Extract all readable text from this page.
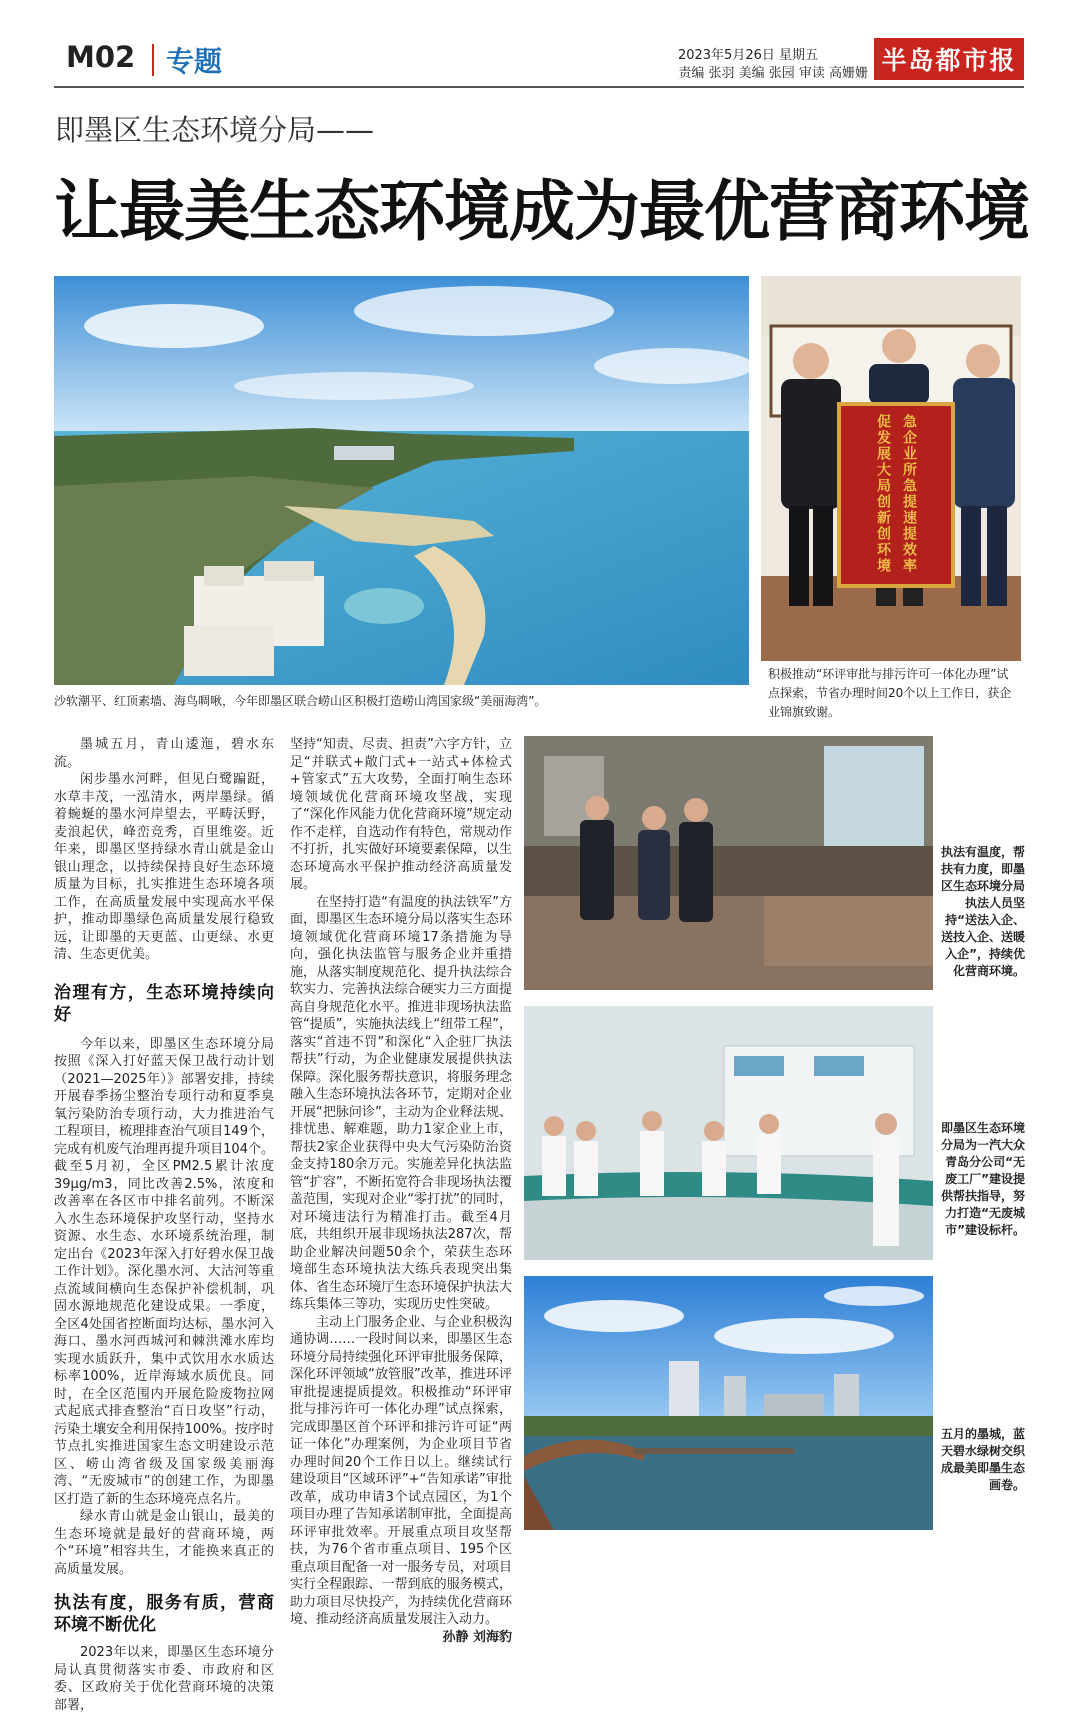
M02 专题	2023年5月26日 星期五
责编 张羽 美编 张园 审读 高姗姗 半岛都市报
即墨区生态环境分局——
让最美生态环境成为最优营商环境
沙软潮平、红顶素墙、海鸟啁啾，今年即墨区联合崂山区积极打造崂山湾国家级“美丽海湾”。
急企业所急提速提效率
促发展大局创新创环境
积极推动“环评审批与排污许可一体化办理”试点探索，节省办理时间20个以上工作日，获企业锦旗致谢。

墨城五月，青山逶迤，碧水东流。

闲步墨水河畔，但见白鹭蹁跹，水草丰茂，一泓清水，两岸墨绿。循着蜿蜒的墨水河岸望去，平畴沃野，麦浪起伏，峰峦竞秀，百里维姿。近年来，即墨区坚持绿水青山就是金山银山理念，以持续保持良好生态环境质量为目标，扎实推进生态环境各项工作，在高质量发展中实现高水平保护，推动即墨绿色高质量发展行稳致远，让即墨的天更蓝、山更绿、水更清、生态更优美。

治理有方，生态环境持续向好

今年以来，即墨区生态环境分局按照《深入打好蓝天保卫战行动计划（2021—2025年）》部署安排，持续开展春季扬尘整治专项行动和夏季臭氧污染防治专项行动，大力推进治气工程项目，梳理排查治气项目149个，完成有机废气治理再提升项目104个。截至5月初，全区PM2.5累计浓度39μg/m3，同比改善2.5%，浓度和改善率在各区市中排名前列。不断深入水生态环境保护攻坚行动，坚持水资源、水生态、水环境系统治理，制定出台《2023年深入打好碧水保卫战工作计划》。深化墨水河、大沽河等重点流域间横向生态保护补偿机制，巩固水源地规范化建设成果。一季度，全区4处国省控断面均达标，墨水河入海口、墨水河西城河和棘洪滩水库均实现水质跃升，集中式饮用水水质达标率100%，近岸海域水质优良。同时，在全区范围内开展危险废物拉网式起底式排查整治“百日攻坚”行动，污染土壤安全利用保持100%。按序时节点扎实推进国家生态文明建设示范区、崂山湾省级及国家级美丽海湾、“无废城市”的创建工作，为即墨区打造了新的生态环境亮点名片。

绿水青山就是金山银山，最美的生态环境就是最好的营商环境，两个“环境”相容共生，才能换来真正的高质量发展。

执法有度，服务有质，营商环境不断优化

2023年以来，即墨区生态环境分局认真贯彻落实市委、市政府和区委、区政府关于优化营商环境的决策部署，

坚持“知责、尽责、担责”六字方针，立足“并联式+敞门式+一站式+体检式+管家式”五大攻势，全面打响生态环境领域优化营商环境攻坚战，实现了“深化作风能力优化营商环境”规定动作不走样，自选动作有特色，常规动作不打折，扎实做好环境要素保障，以生态环境高水平保护推动经济高质量发展。

在坚持打造“有温度的执法铁军”方面，即墨区生态环境分局以落实生态环境领域优化营商环境17条措施为导向，强化执法监管与服务企业并重措施，从落实制度规范化、提升执法综合软实力、完善执法综合硬实力三方面提高自身规范化水平。推进非现场执法监管“提质”，实施执法线上“纽带工程”，落实“首违不罚”和深化“入企驻厂执法帮扶”行动，为企业健康发展提供执法保障。深化服务帮扶意识，将服务理念融入生态环境执法各环节，定期对企业开展“把脉问诊”，主动为企业释法规、排忧患、解难题，助力1家企业上市，帮扶2家企业获得中央大气污染防治资金支持180余万元。实施差异化执法监管“扩容”，不断拓宽符合非现场执法覆盖范围，实现对企业“零打扰”的同时，对环境违法行为精准打击。截至4月底，共组织开展非现场执法287次，帮助企业解决问题50余个，荣获生态环境部生态环境执法大练兵表现突出集体、省生态环境厅生态环境保护执法大练兵集体三等功，实现历史性突破。

主动上门服务企业、与企业积极沟通协调……一段时间以来，即墨区生态环境分局持续强化环评审批服务保障，深化环评领域“放管服”改革，推进环评审批提速提质提效。积极推动“环评审批与排污许可一体化办理”试点探索，完成即墨区首个环评和排污许可证“两证一体化”办理案例，为企业项目节省办理时间20个工作日以上。继续试行建设项目“区域环评”+“告知承诺”审批改革，成功申请3个试点园区，为1个项目办理了告知承诺制审批，全面提高环评审批效率。开展重点项目攻坚帮扶，为76个省市重点项目、195个区重点项目配备一对一服务专员，对项目实行全程跟踪、一帮到底的服务模式，助力项目尽快投产，为持续优化营商环境、推动经济高质量发展注入动力。

孙静 刘海豹
执法有温度，帮扶有力度，即墨区生态环境分局执法人员坚持“送法入企、送技入企、送暖入企”，持续优化营商环境。
即墨区生态环境分局为一汽大众青岛分公司“无废工厂”建设提供帮扶指导，努力打造“无废城市”建设标杆。
五月的墨城，蓝天碧水绿树交织成最美即墨生态画卷。
